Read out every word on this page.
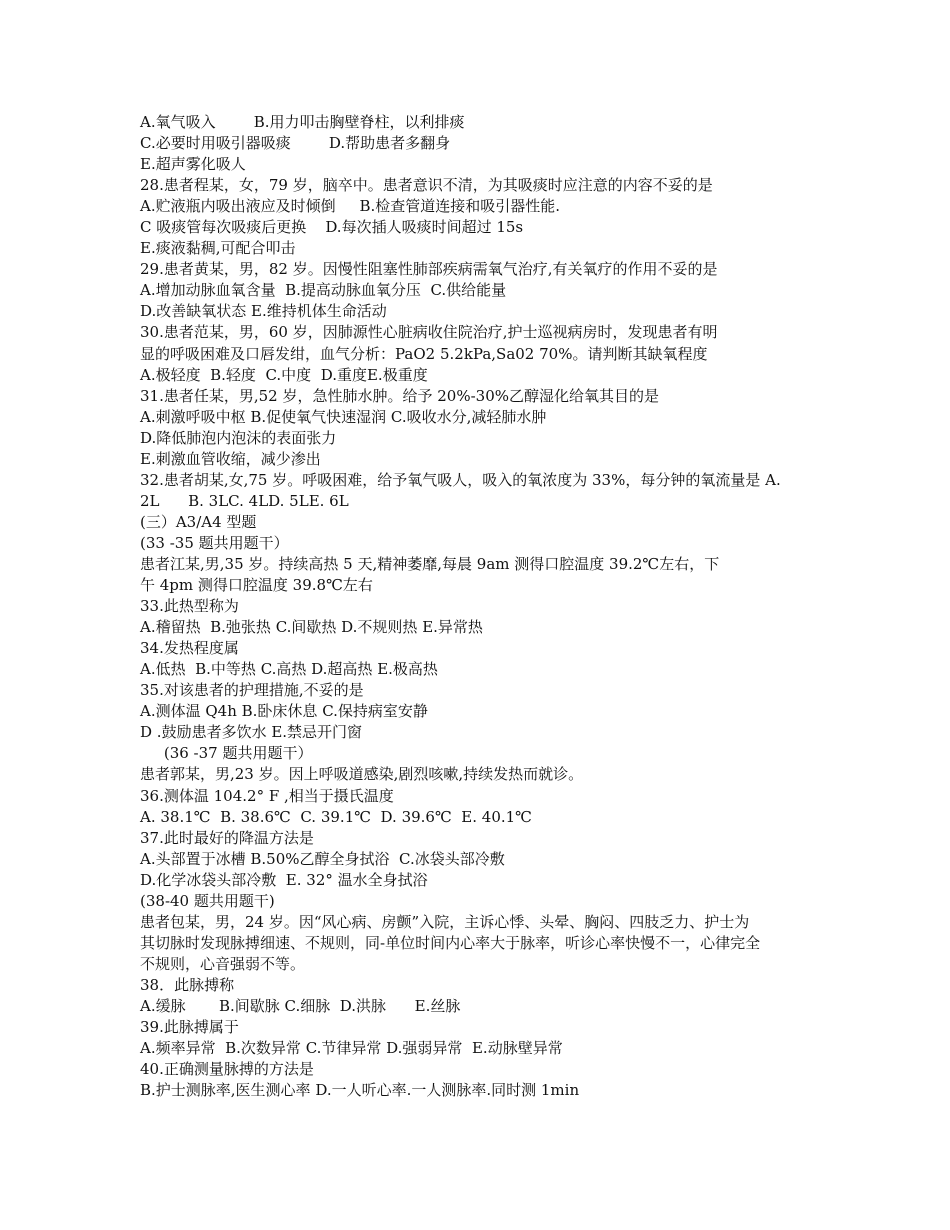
A.氧气吸入        B.用力叩击胸壁脊柱，以利排痰
C.必要时用吸引器吸痰        D.帮助患者多翻身
E.超声雾化吸人
28.患者程某，女，79 岁，脑卒中。患者意识不清，为其吸痰时应注意的内容不妥的是
A.贮液瓶内吸出液应及时倾倒     B.检查管道连接和吸引器性能.
C 吸痰管每次吸痰后更换    D.每次插人吸痰时间超过 15s
E.痰液黏稠,可配合叩击
29.患者黄某，男，82 岁。因慢性阻塞性肺部疾病需氧气治疗,有关氧疗的作用不妥的是
A.增加动脉血氧含量  B.提高动脉血氧分压  C.供给能量
D.改善缺氧状态 E.维持机体生命活动
30.患者范某，男，60 岁，因肺源性心脏病收住院治疗,护士巡视病房时，发现患者有明
显的呼吸困难及口唇发绀，血气分析：PaO2 5.2kPa,Sa02 70%。请判断其缺氧程度
A.极轻度  B.轻度  C.中度  D.重度E.极重度
31.患者任某，男,52 岁，急性肺水肿。给予 20%-30%乙醇湿化给氧其目的是
A.刺激呼吸中枢 B.促使氧气快速湿润 C.吸收水分,减轻肺水肿
D.降低肺泡内泡沫的表面张力
E.刺激血管收缩，减少渗出
32.患者胡某,女,75 岁。呼吸困难，给予氧气吸人，吸入的氧浓度为 33%，每分钟的氧流量是 A.
2L      B. 3LC. 4LD. 5LE. 6L
(三）A3/A4 型题
(33 -35 题共用题干）
患者江某,男,35 岁。持续高热 5 天,精神萎靡,每晨 9am 测得口腔温度 39.2℃左右，下
午 4pm 测得口腔温度 39.8℃左右
33.此热型称为
A.稽留热  B.弛张热 C.间歇热 D.不规则热 E.异常热
34.发热程度属
A.低热  B.中等热 C.高热 D.超高热 E.极高热
35.对该患者的护理措施,不妥的是
A.测体温 Q4h B.卧床休息 C.保持病室安静
D .鼓励患者多饮水 E.禁忌开门窗
(36 -37 题共用题干）
患者郭某，男,23 岁。因上呼吸道感染,剧烈咳嗽,持续发热而就诊。
36.测体温 104.2° F ,相当于摄氏温度
A. 38.1℃  B. 38.6℃  C. 39.1℃  D. 39.6℃  E. 40.1℃
37.此时最好的降温方法是
A.头部置于冰槽 B.50%乙醇全身拭浴  C.冰袋头部冷敷
D.化学冰袋头部冷敷  E. 32° 温水全身拭浴
(38-40 题共用题干)
患者包某，男，24 岁。因“风心病、房颤”入院，主诉心悸、头晕、胸闷、四肢乏力、护士为
其切脉时发现脉搏细速、不规则，同-单位时间内心率大于脉率，听诊心率快慢不一，心律完全
不规则，心音强弱不等。
38．此脉搏称
A.缓脉       B.间歇脉 C.细脉  D.洪脉      E.丝脉
39.此脉搏属于
A.频率异常  B.次数异常 C.节律异常 D.强弱异常  E.动脉壁异常
40.正确测量脉搏的方法是
B.护士测脉率,医生测心率 D.一人听心率.一人测脉率.同时测 1min
